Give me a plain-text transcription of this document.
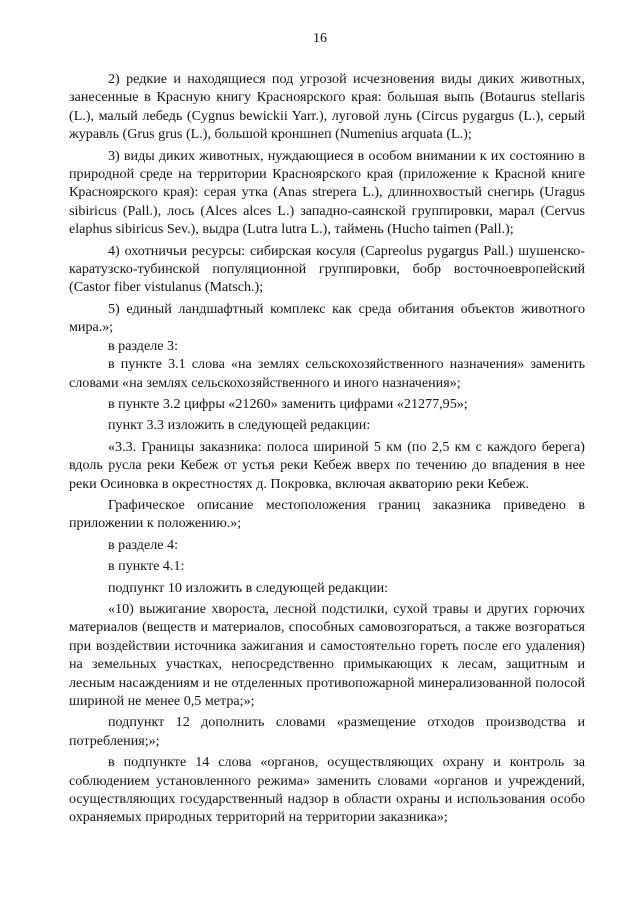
16

2) редкие и находящиеся под угрозой исчезновения виды диких животных, занесенные в Красную книгу Красноярского края: большая выпь (Botaurus stellaris (L.), малый лебедь (Cygnus bewickii Yarr.), луговой лунь (Circus pygargus (L.), серый журавль (Grus grus (L.), большой кроншнеп (Numenius arquata (L.);

3) виды диких животных, нуждающиеся в особом внимании к их состоянию в природной среде на территории Красноярского края (приложение к Красной книге Красноярского края): серая утка (Anas strepera L.), длиннохвостый снегирь (Uragus sibiricus (Pall.), лось (Alces alces L.) западно-саянской группировки, марал (Cervus elaphus sibiricus Sev.), выдра (Lutra lutra L.), таймень (Hucho taimen (Pall.);

4) охотничьи ресурсы: сибирская косуля (Capreolus pygargus Pall.) шушенско-каратузско-тубинской популяционной группировки, бобр восточноевропейский (Castor fiber vistulanus (Matsch.);

5) единый ландшафтный комплекс как среда обитания объектов животного мира.»;

в разделе 3:

в пункте 3.1 слова «на землях сельскохозяйственного назначения» заменить словами «на землях сельскохозяйственного и иного назначения»;

в пункте 3.2 цифры «21260» заменить цифрами «21277,95»;

пункт 3.3 изложить в следующей редакции:

«3.3. Границы заказника: полоса шириной 5 км (по 2,5 км с каждого берега) вдоль русла реки Кебеж от устья реки Кебеж вверх по течению до впадения в нее реки Осиновка в окрестностях д. Покровка, включая акваторию реки Кебеж.

Графическое описание местоположения границ заказника приведено в приложении к положению.»;

в разделе 4:

в пункте 4.1:

подпункт 10 изложить в следующей редакции:

«10) выжигание хвороста, лесной подстилки, сухой травы и других горючих материалов (веществ и материалов, способных самовозгораться, а также возгораться при воздействии источника зажигания и самостоятельно гореть после его удаления) на земельных участках, непосредственно примыкающих к лесам, защитным и лесным насаждениям и не отделенных противопожарной минерализованной полосой шириной не менее 0,5 метра;»;

подпункт 12 дополнить словами «размещение отходов производства и потребления;»;

в подпункте 14 слова «органов, осуществляющих охрану и контроль за соблюдением установленного режима» заменить словами «органов и учреждений, осуществляющих государственный надзор в области охраны и использования особо охраняемых природных территорий на территории заказника»;
